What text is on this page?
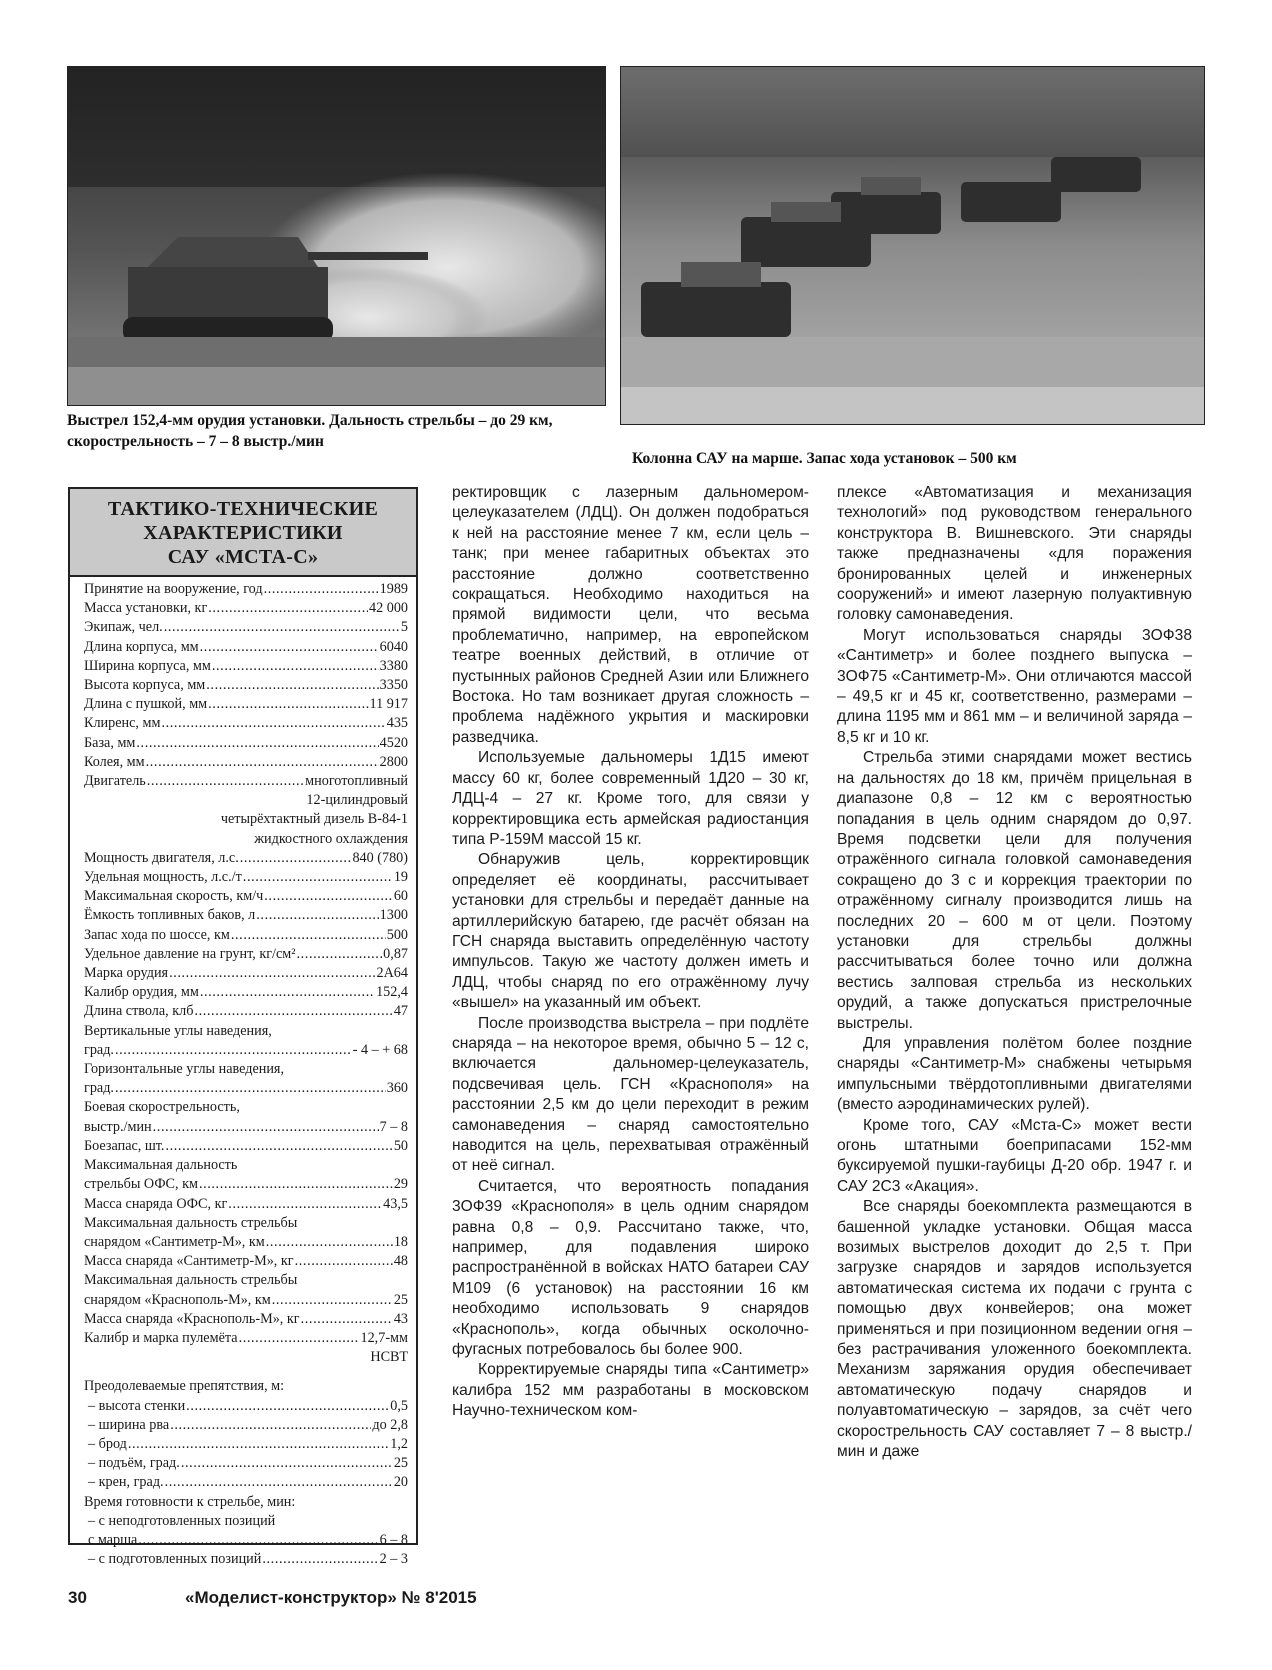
Выстрел 152,4-мм орудия установки. Дальность стрельбы – до 29 км,
скорострельность – 7 – 8 выстр./мин
Колонна САУ на марше. Запас хода установок – 500 км
ТАКТИКО-ТЕХНИЧЕСКИЕ
ХАРАКТЕРИСТИКИ
САУ «МСТА-С»
Принятие на вооружение, год .....	1989
Масса установки, кг .....	42 000
Экипаж, чел. .....	5
Длина корпуса, мм .....	6040
Ширина корпуса, мм .....	3380
Высота корпуса, мм .....	3350
Длина с пушкой, мм .....	11 917
Клиренс, мм .....	435
База, мм .....	4520
Колея, мм .....	2800
Двигатель .....	многотопливный
12-цилиндровый
четырёхтактный дизель В-84-1
жидкостного охлаждения
Мощность двигателя, л.с. .....	840 (780)
Удельная мощность, л.с./т .....	19
Максимальная скорость, км/ч .....	60
Ёмкость топливных баков, л .....	1300
Запас хода по шоссе, км .....	500
Удельное давление на грунт, кг/см² .....	0,87
Марка орудия .....	2А64
Калибр орудия, мм .....	152,4
Длина ствола, клб .....	47
Вертикальные углы наведения,
град. .....	- 4 – + 68
Горизонтальные углы наведения,
град. .....	360
Боевая скорострельность,
выстр./мин .....	7 – 8
Боезапас, шт. .....	50
Максимальная дальность
стрельбы ОФС, км .....	29
Масса снаряда ОФС, кг .....	43,5
Максимальная дальность стрельбы
снарядом «Сантиметр-М», км .....	18
Масса снаряда «Сантиметр-М», кг .....	48
Максимальная дальность стрельбы
снарядом «Краснополь-М», км .....	25
Масса снаряда «Краснополь-М», кг .....	43
Калибр и марка пулемёта .....	12,7-мм
НСВТ
Преодолеваемые препятствия, м:
– высота стенки .....	0,5
– ширина рва .....	до 2,8
– брод .....	1,2
– подъём, град. .....	25
– крен, град. .....	20
Время готовности к стрельбе, мин:
– с неподготовленных позиций
с марша .....	6 – 8
– с подготовленных позиций .....	2 – 3

ректировщик с лазерным дальномером-целеуказателем (ЛДЦ). Он должен подобраться к ней на расстояние менее 7 км, если цель – танк; при менее габаритных объектах это расстояние должно соответственно сокращаться. Необходимо находиться на прямой видимости цели, что весьма проблематично, например, на европейском театре военных действий, в отличие от пустынных районов Средней Азии или Ближнего Востока. Но там возникает другая сложность – проблема надёжного укрытия и маскировки разведчика.

Используемые дальномеры 1Д15 имеют массу 60 кг, более современный 1Д20 – 30 кг, ЛДЦ-4 – 27 кг. Кроме того, для связи у корректировщика есть армейская радиостанция типа Р-159М массой 15 кг.

Обнаружив цель, корректировщик определяет её координаты, рассчитывает установки для стрельбы и передаёт данные на артиллерийскую батарею, где расчёт обязан на ГСН снаряда выставить определённую частоту импульсов. Такую же частоту должен иметь и ЛДЦ, чтобы снаряд по его отражённому лучу «вышел» на указанный им объект.

После производства выстрела – при подлёте снаряда – на некоторое время, обычно 5 – 12 с, включается дальномер-целеуказатель, подсвечивая цель. ГСН «Краснополя» на расстоянии 2,5 км до цели переходит в режим самонаведения – снаряд самостоятельно наводится на цель, перехватывая отражённый от неё сигнал.

Считается, что вероятность попадания 3ОФ39 «Краснополя» в цель одним снарядом равна 0,8 – 0,9. Рассчитано также, что, например, для подавления широко распространённой в войсках НАТО батареи САУ М109 (6 установок) на расстоянии 16 км необходимо использовать 9 снарядов «Краснополь», когда обычных осколочно-фугасных потребовалось бы более 900.

Корректируемые снаряды типа «Сантиметр» калибра 152 мм разработаны в московском Научно-техническом ком-

плексе «Автоматизация и механизация технологий» под руководством генерального конструктора В. Вишневского. Эти снаряды также предназначены «для поражения бронированных целей и инженерных сооружений» и имеют лазерную полуактивную головку самонаведения.

Могут использоваться снаряды 3ОФ38 «Сантиметр» и более позднего выпуска – 3ОФ75 «Сантиметр-М». Они отличаются массой – 49,5 кг и 45 кг, соответственно, размерами – длина 1195 мм и 861 мм – и величиной заряда – 8,5 кг и 10 кг.

Стрельба этими снарядами может вестись на дальностях до 18 км, причём прицельная в диапазоне 0,8 – 12 км с вероятностью попадания в цель одним снарядом до 0,97. Время подсветки цели для получения отражённого сигнала головкой самонаведения сокращено до 3 с и коррекция траектории по отражённому сигналу производится лишь на последних 20 – 600 м от цели. Поэтому установки для стрельбы должны рассчитываться более точно или должна вестись залповая стрельба из нескольких орудий, а также допускаться пристрелочные выстрелы.

Для управления полётом более поздние снаряды «Сантиметр-М» снабжены четырьмя импульсными твёрдотопливными двигателями (вместо аэродинамических рулей).

Кроме того, САУ «Мста-С» может вести огонь штатными боеприпасами 152-мм буксируемой пушки-гаубицы Д-20 обр. 1947 г. и САУ 2С3 «Акация».

Все снаряды боекомплекта размещаются в башенной укладке установки. Общая масса возимых выстрелов доходит до 2,5 т. При загрузке снарядов и зарядов используется автоматическая система их подачи с грунта с помощью двух конвейеров; она может применяться и при позиционном ведении огня – без растрачивания уложенного боекомплекта. Механизм заряжания орудия обеспечивает автоматическую подачу снарядов и полуавтоматическую – зарядов, за счёт чего скорострельность САУ составляет 7 – 8 выстр./мин и даже

30	«Моделист-конструктор» № 8'2015
